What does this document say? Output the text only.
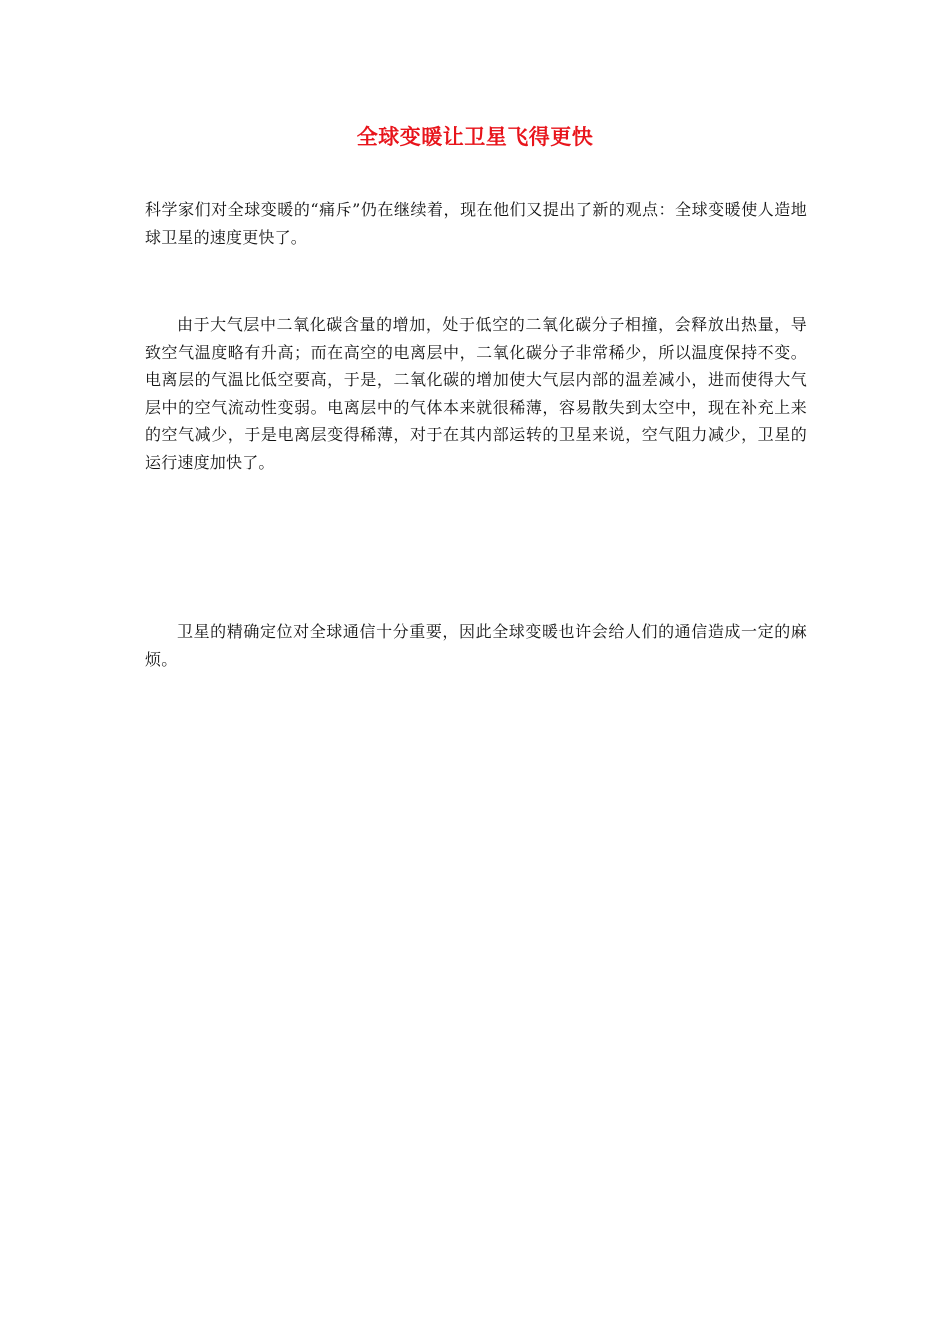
全球变暖让卫星飞得更快

科学家们对全球变暖的“痛斥”仍在继续着，现在他们又提出了新的观点：全球变暖使人造地球卫星的速度更快了。

由于大气层中二氧化碳含量的增加，处于低空的二氧化碳分子相撞，会释放出热量，导致空气温度略有升高；而在高空的电离层中，二氧化碳分子非常稀少，所以温度保持不变。电离层的气温比低空要高，于是，二氧化碳的增加使大气层内部的温差减小，进而使得大气层中的空气流动性变弱。电离层中的气体本来就很稀薄，容易散失到太空中，现在补充上来的空气减少，于是电离层变得稀薄，对于在其内部运转的卫星来说，空气阻力减少，卫星的运行速度加快了。

卫星的精确定位对全球通信十分重要，因此全球变暖也许会给人们的通信造成一定的麻烦。
